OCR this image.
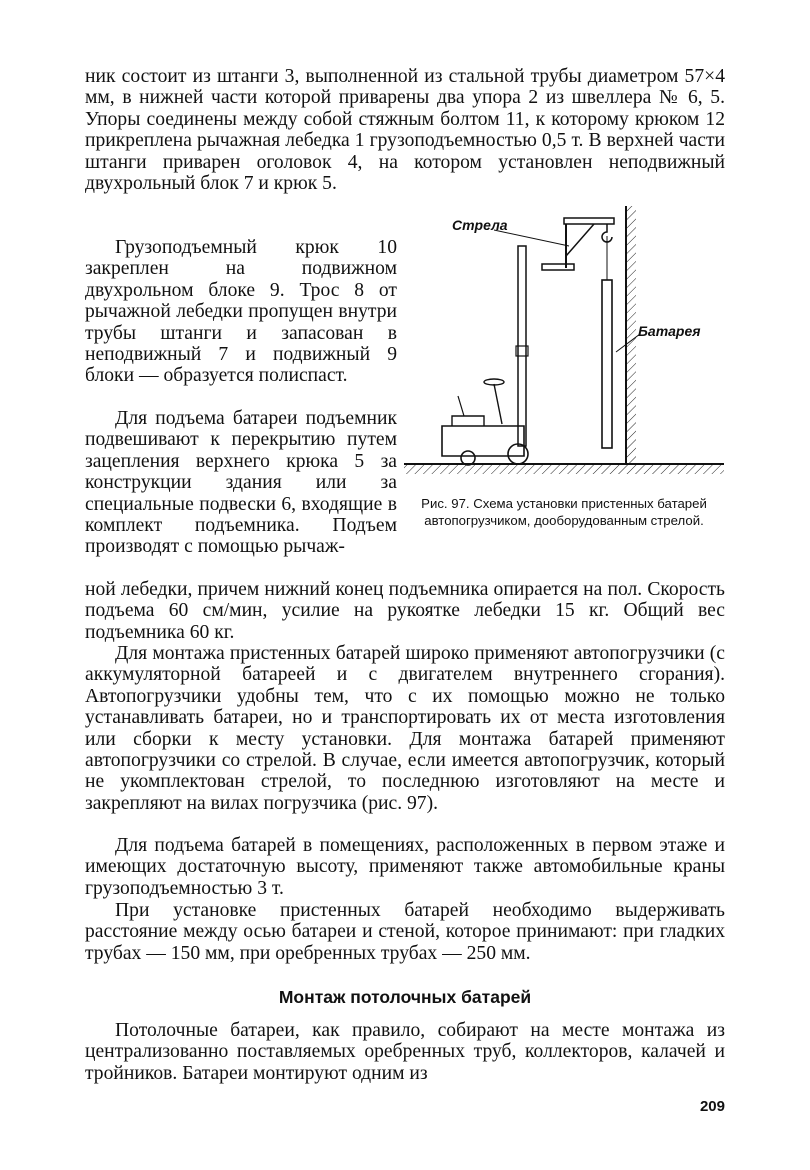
ник состоит из штанги 3, выполненной из стальной трубы диаметром 57×4 мм, в нижней части которой приварены два упора 2 из швеллера № 6, 5. Упоры соединены между собой стяжным болтом 11, к которому крюком 12 прикреплена рычажная лебедка 1 грузоподъемностью 0,5 т. В верхней части штанги приварен оголовок 4, на котором установлен неподвижный двухрольный блок 7 и крюк 5.

Грузоподъемный крюк 10 закреплен на подвижном двухрольном блоке 9. Трос 8 от рычажной лебедки пропущен внутри трубы штанги и запасован в неподвижный 7 и подвижный 9 блоки — образуется полиспаст.

Для подъема батареи подъемник подвешивают к перекрытию путем зацепления верхнего крюка 5 за конструкции здания или за специальные подвески 6, входящие в комплект подъемника. Подъем производят с помощью рычаж-

ной лебедки, причем нижний конец подъемника опирается на пол. Скорость подъема 60 см/мин, усилие на рукоятке лебедки 15 кг. Общий вес подъемника 60 кг.

Для монтажа пристенных батарей широко применяют автопогрузчики (с аккумуляторной батареей и с двигателем внутреннего сгорания). Автопогрузчики удобны тем, что с их помощью можно не только устанавливать батареи, но и транспортировать их от места изготовления или сборки к месту установки. Для монтажа батарей применяют автопогрузчики со стрелой. В случае, если имеется автопогрузчик, который не укомплектован стрелой, то последнюю изготовляют на месте и закрепляют на вилах погрузчика (рис. 97).

Для подъема батарей в помещениях, расположенных в первом этаже и имеющих достаточную высоту, применяют также автомобильные краны грузоподъемностью 3 т.

При установке пристенных батарей необходимо выдерживать расстояние между осью батареи и стеной, которое принимают: при гладких трубах — 150 мм, при оребренных трубах — 250 мм.

Монтаж потолочных батарей

Потолочные батареи, как правило, собирают на месте монтажа из централизованно поставляемых оребренных труб, коллекторов, калачей и тройников. Батареи монтируют одним из

Стрела
Батарея

Рис. 97. Схема установки пристенных батарей автопогрузчиком, дооборудованным стрелой.

209
